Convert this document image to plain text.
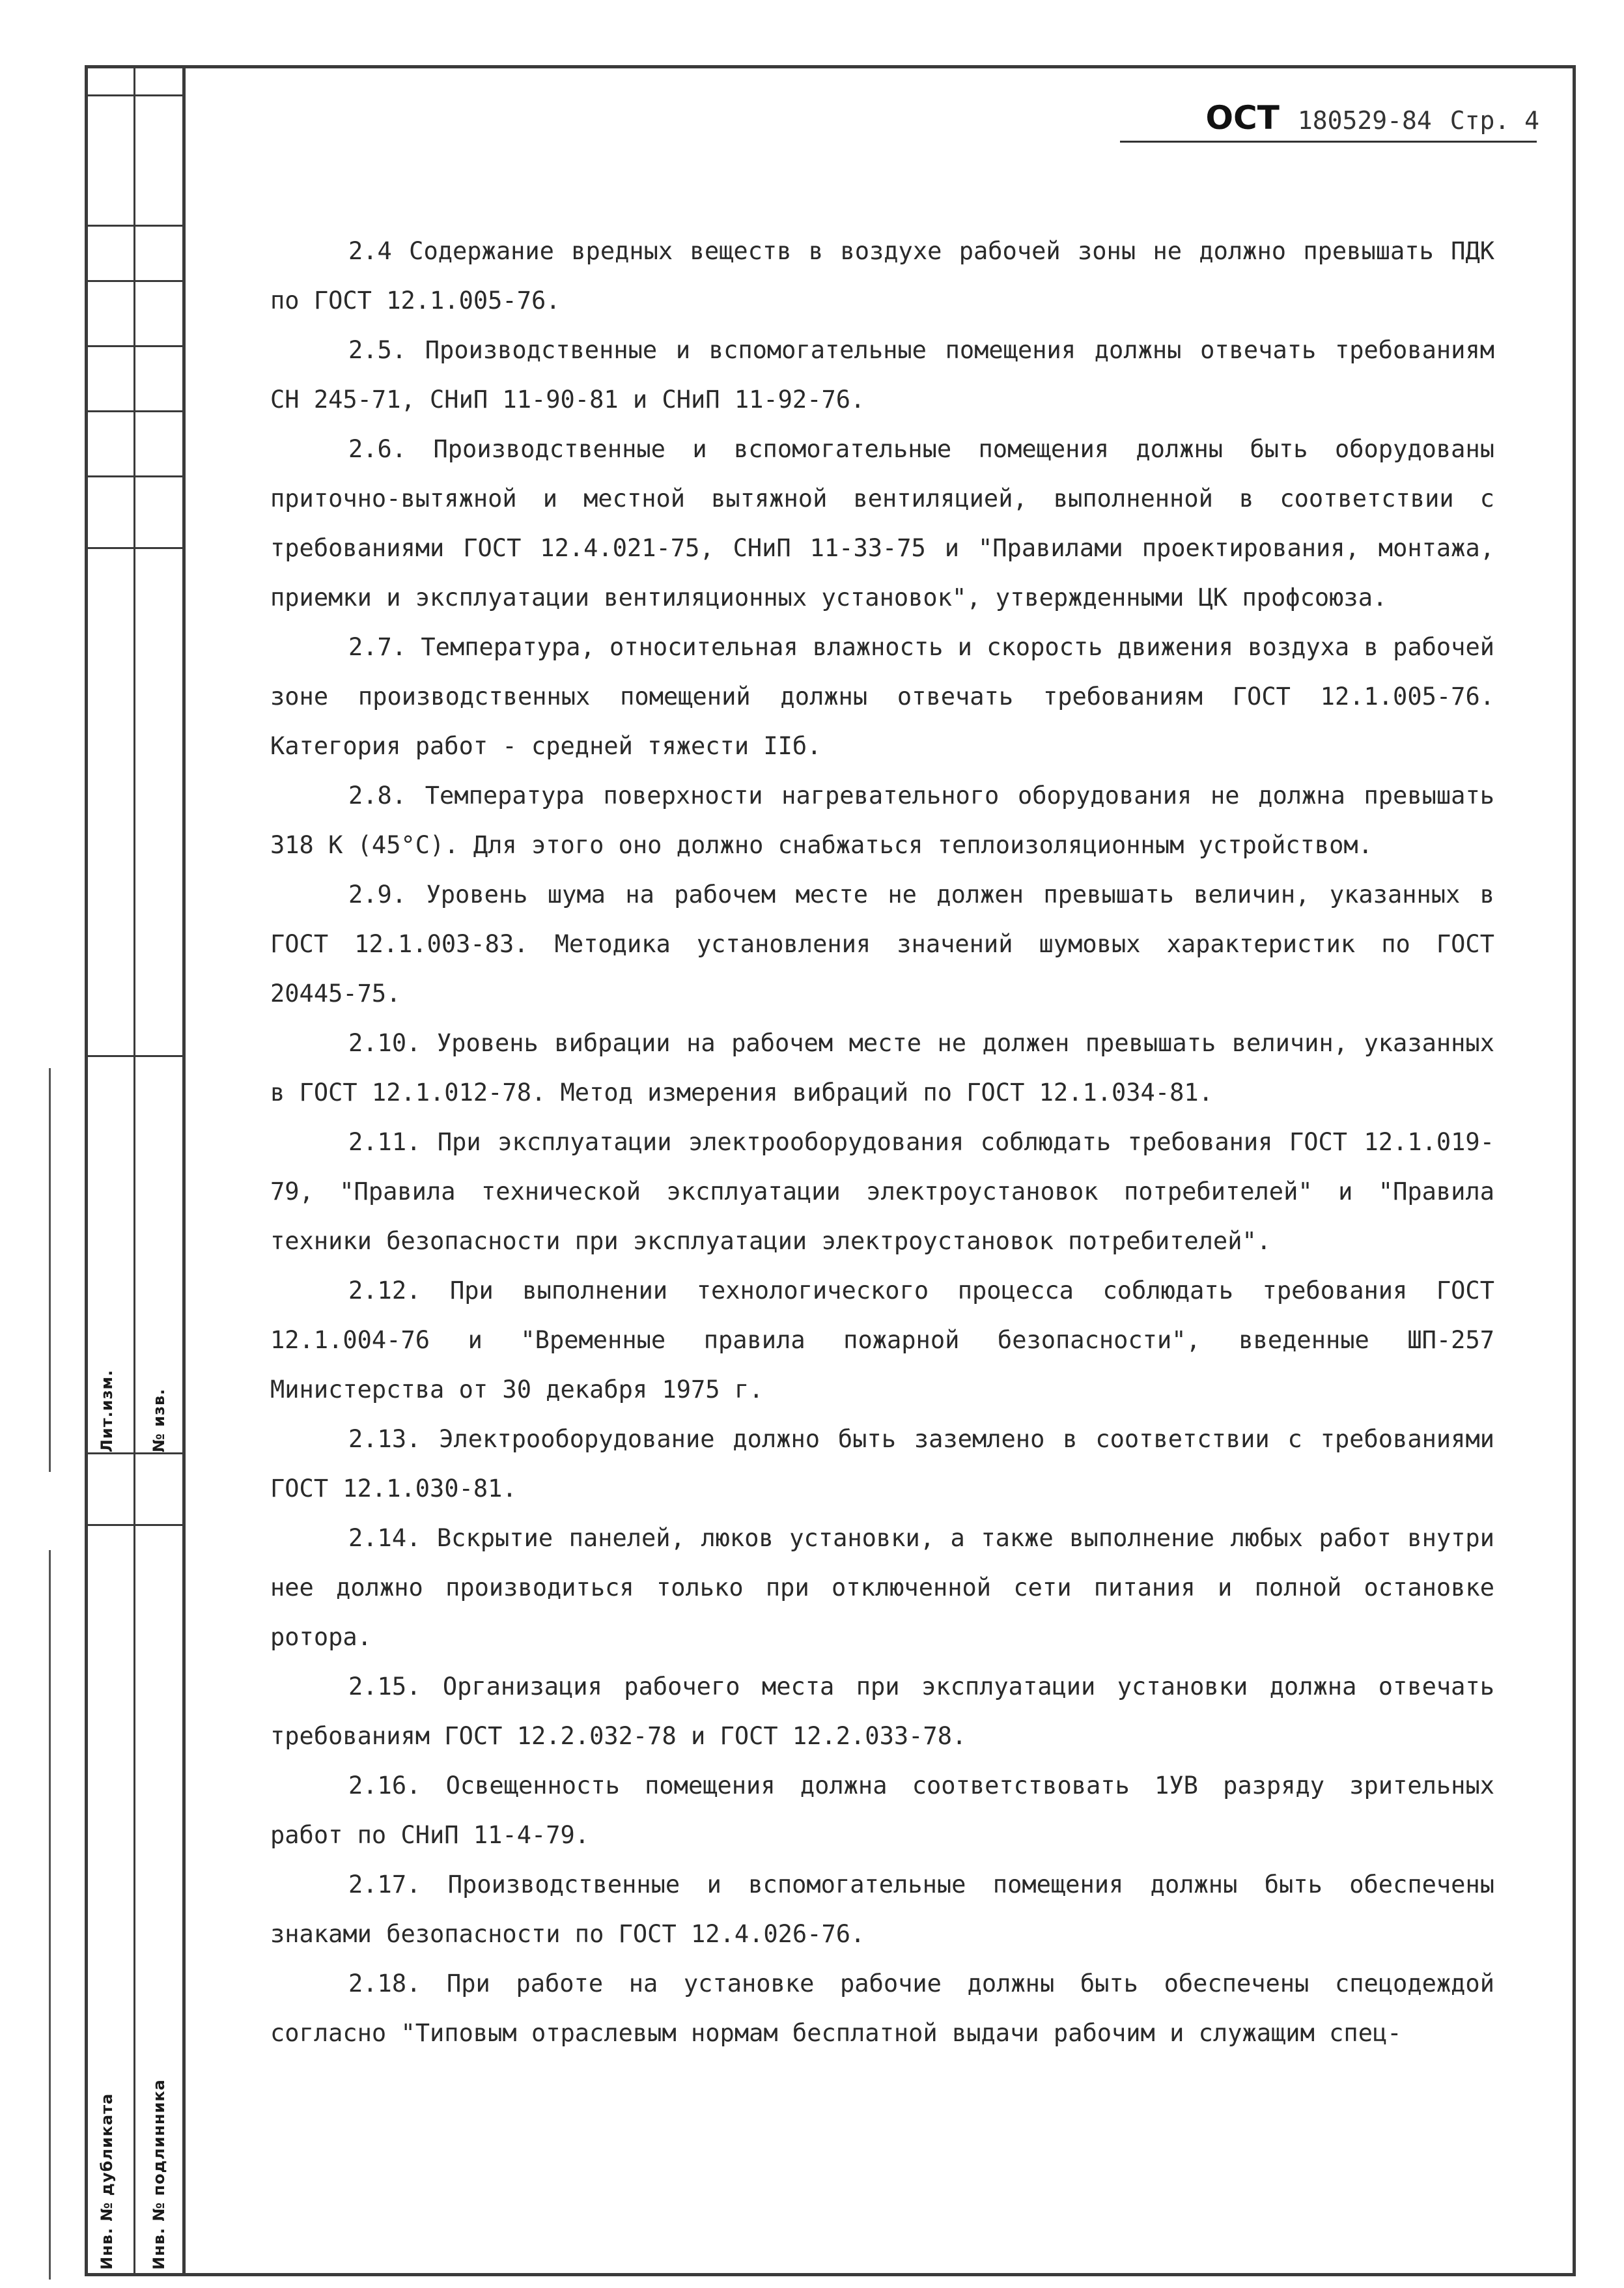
Лит.изм. № изв.
Инв. № дубликата Инв. № подлинника
ОСТ 180529-84 Стр. 4

2.4 Содержание вредных веществ в воздухе рабочей зоны не должно превышать ПДК по ГОСТ 12.1.005-76.

2.5. Производственные и вспомогательные помещения должны отвечать требованиям СН 245-71, СНиП 11-90-81 и СНиП 11-92-76.

2.6. Производственные и вспомогательные помещения должны быть оборудованы приточно-вытяжной и местной вытяжной вентиляцией, выполненной в соответствии с требованиями ГОСТ 12.4.021-75, СНиП 11-33-75 и "Правилами проектирования, монтажа, приемки и эксплуатации вентиляционных установок", утвержденными ЦК профсоюза.

2.7. Температура, относительная влажность и скорость движения воздуха в рабочей зоне производственных помещений должны отвечать требованиям ГОСТ 12.1.005-76. Категория работ - средней тяжести IIб.

2.8. Температура поверхности нагревательного оборудования не должна превышать 318 К (45°С). Для этого оно должно снабжаться теплоизоляционным устройством.

2.9. Уровень шума на рабочем месте не должен превышать величин, указанных в ГОСТ 12.1.003-83. Методика установления значений шумовых характеристик по ГОСТ 20445-75.

2.10. Уровень вибрации на рабочем месте не должен превышать величин, указанных в ГОСТ 12.1.012-78. Метод измерения вибраций по ГОСТ 12.1.034-81.

2.11. При эксплуатации электрооборудования соблюдать требования ГОСТ 12.1.019-79, "Правила технической эксплуатации электроустановок потребителей" и "Правила техники безопасности при эксплуатации электроустановок потребителей".

2.12. При выполнении технологического процесса соблюдать требования ГОСТ 12.1.004-76 и "Временные правила пожарной безопасности", введенные ШП-257 Министерства от 30 декабря 1975 г.

2.13. Электрооборудование должно быть заземлено в соответствии с требованиями ГОСТ 12.1.030-81.

2.14. Вскрытие панелей, люков установки, а также выполнение любых работ внутри нее должно производиться только при отключенной сети питания и полной остановке ротора.

2.15. Организация рабочего места при эксплуатации установки должна отвечать требованиям ГОСТ 12.2.032-78 и ГОСТ 12.2.033-78.

2.16. Освещенность помещения должна соответствовать 1УВ разряду зрительных работ по СНиП 11-4-79.

2.17. Производственные и вспомогательные помещения должны быть обеспечены знаками безопасности по ГОСТ 12.4.026-76.

2.18. При работе на установке рабочие должны быть обеспечены спецодеждой согласно "Типовым отраслевым нормам бесплатной выдачи рабочим и служащим спец-
